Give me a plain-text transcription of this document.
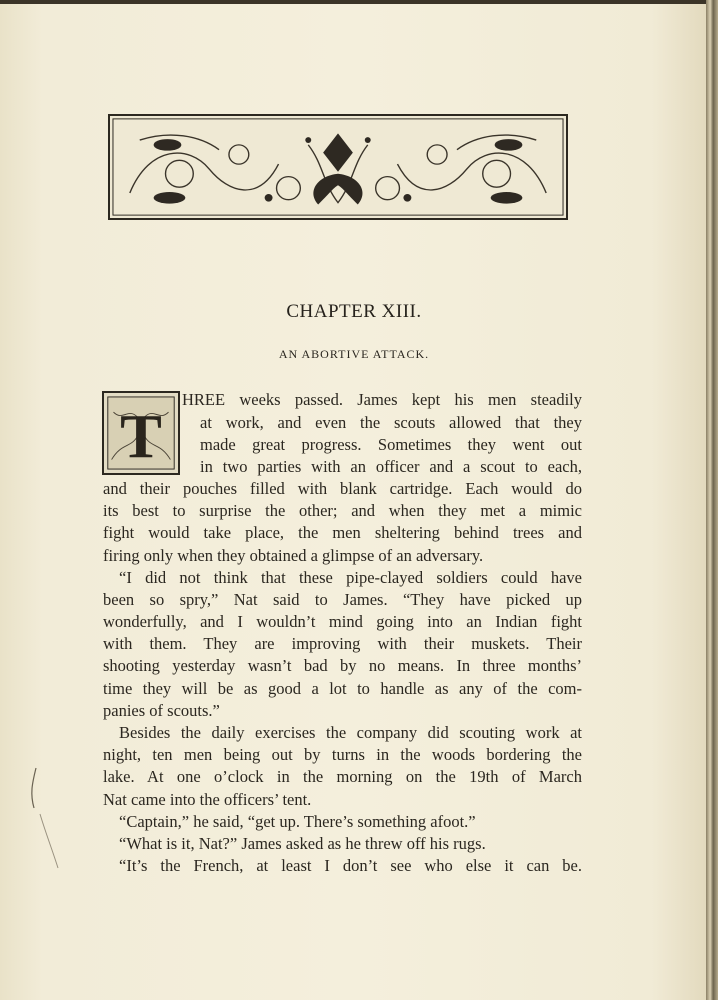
CHAPTER XIII.
AN ABORTIVE ATTACK.
T
HREE weeks passed. James kept his men steadily
at work, and even the scouts allowed that they
made great progress. Sometimes they went out
in two parties with an officer and a scout to each,
and their pouches filled with blank cartridge. Each would do
its best to surprise the other; and when they met a mimic
fight would take place, the men sheltering behind trees and
firing only when they obtained a glimpse of an adversary.
“I did not think that these pipe-clayed soldiers could have
been so spry,” Nat said to James. “They have picked up
wonderfully, and I wouldn’t mind going into an Indian fight
with them. They are improving with their muskets. Their
shooting yesterday wasn’t bad by no means. In three months’
time they will be as good a lot to handle as any of the com-
panies of scouts.”
Besides the daily exercises the company did scouting work at
night, ten men being out by turns in the woods bordering the
lake. At one o’clock in the morning on the 19th of March
Nat came into the officers’ tent.
“Captain,” he said, “get up. There’s something afoot.”
“What is it, Nat?” James asked as he threw off his rugs.
“It’s the French, at least I don’t see who else it can be.
